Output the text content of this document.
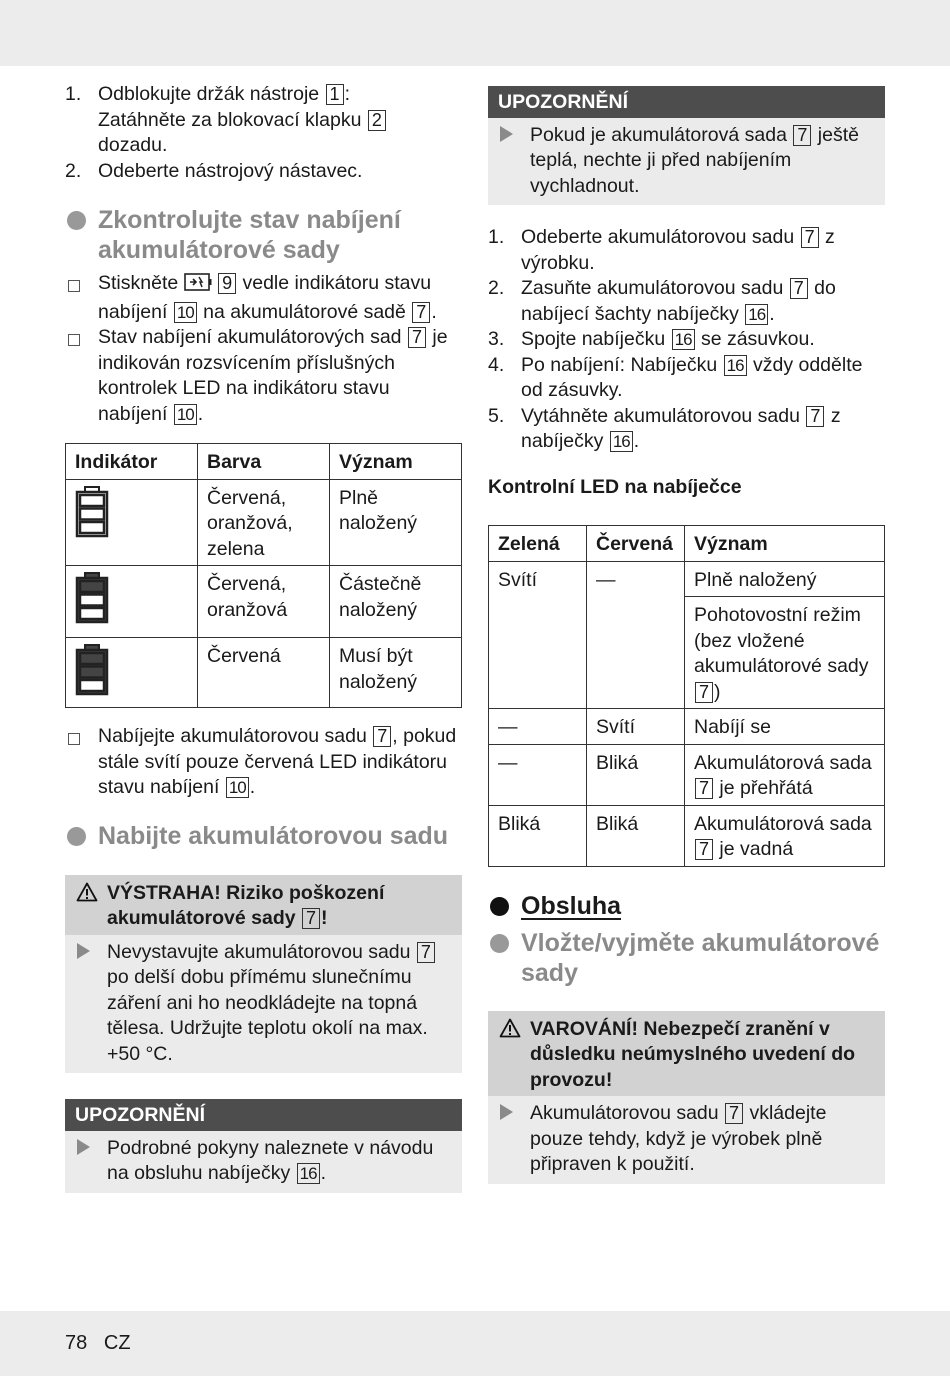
1. Odblokujte držák nástroje 1 :
Zatáhněte za blokovací klapku 2
dozadu.
2. Odeberte nástrojový nástavec.
Zkontrolujte stav nabíjení akumulátorové sady
Stiskněte  9 vedle indikátoru stavu nabíjení 10 na akumulátorové sadě 7 .
Stav nabíjení akumulátorových sad 7 je indikován rozsvícením příslušných kontrolek LED na indikátoru stavu nabíjení 10 .
Indikátor	Barva	Význam
	Červená, oranžová, zelena	Plně naložený
	Červená, oranžová	Částečně naložený
	Červená	Musí být naložený
Nabíjejte akumulátorovou sadu 7 , pokud stále svítí pouze červená LED indikátoru stavu nabíjení 10 .
Nabijte akumulátorovou sadu
VÝSTRAHA! Riziko poškození akumulátorové sady 7 !
Nevystavujte akumulátorovou sadu 7 po delší dobu přímému slunečnímu záření ani ho neodkládejte na topná tělesa. Udržujte teplotu okolí na max. +50 °C.
UPOZORNĚNÍ
Podrobné pokyny naleznete v návodu na obsluhu nabíječky 16 .
UPOZORNĚNÍ
Pokud je akumulátorová sada 7 ještě teplá, nechte ji před nabíjením vychladnout.
1. Odeberte akumulátorovou sadu 7 z výrobku.
2. Zasuňte akumulátorovou sadu 7 do nabíjecí šachty nabíječky 16 .
3. Spojte nabíječku 16 se zásuvkou.
4. Po nabíjení: Nabíječku 16 vždy oddělte od zásuvky.
5. Vytáhněte akumulátorovou sadu 7 z nabíječky 16 .
Kontrolní LED na nabíječce
Zelená	Červená	Význam
Svítí	—	Plně naložený
		Pohotovostní režim (bez vložené akumulátorové sady 7 )
—	Svítí	Nabíjí se
—	Bliká	Akumulátorová sada 7 je přehřátá
Bliká	Bliká	Akumulátorová sada 7 je vadná
Obsluha
Vložte/vyjměte akumulátorové sady
VAROVÁNÍ! Nebezpečí zranění v důsledku neúmyslného uvedení do provozu!
Akumulátorovou sadu 7 vkládejte pouze tehdy, když je výrobek plně připraven k použití.
78 CZ
